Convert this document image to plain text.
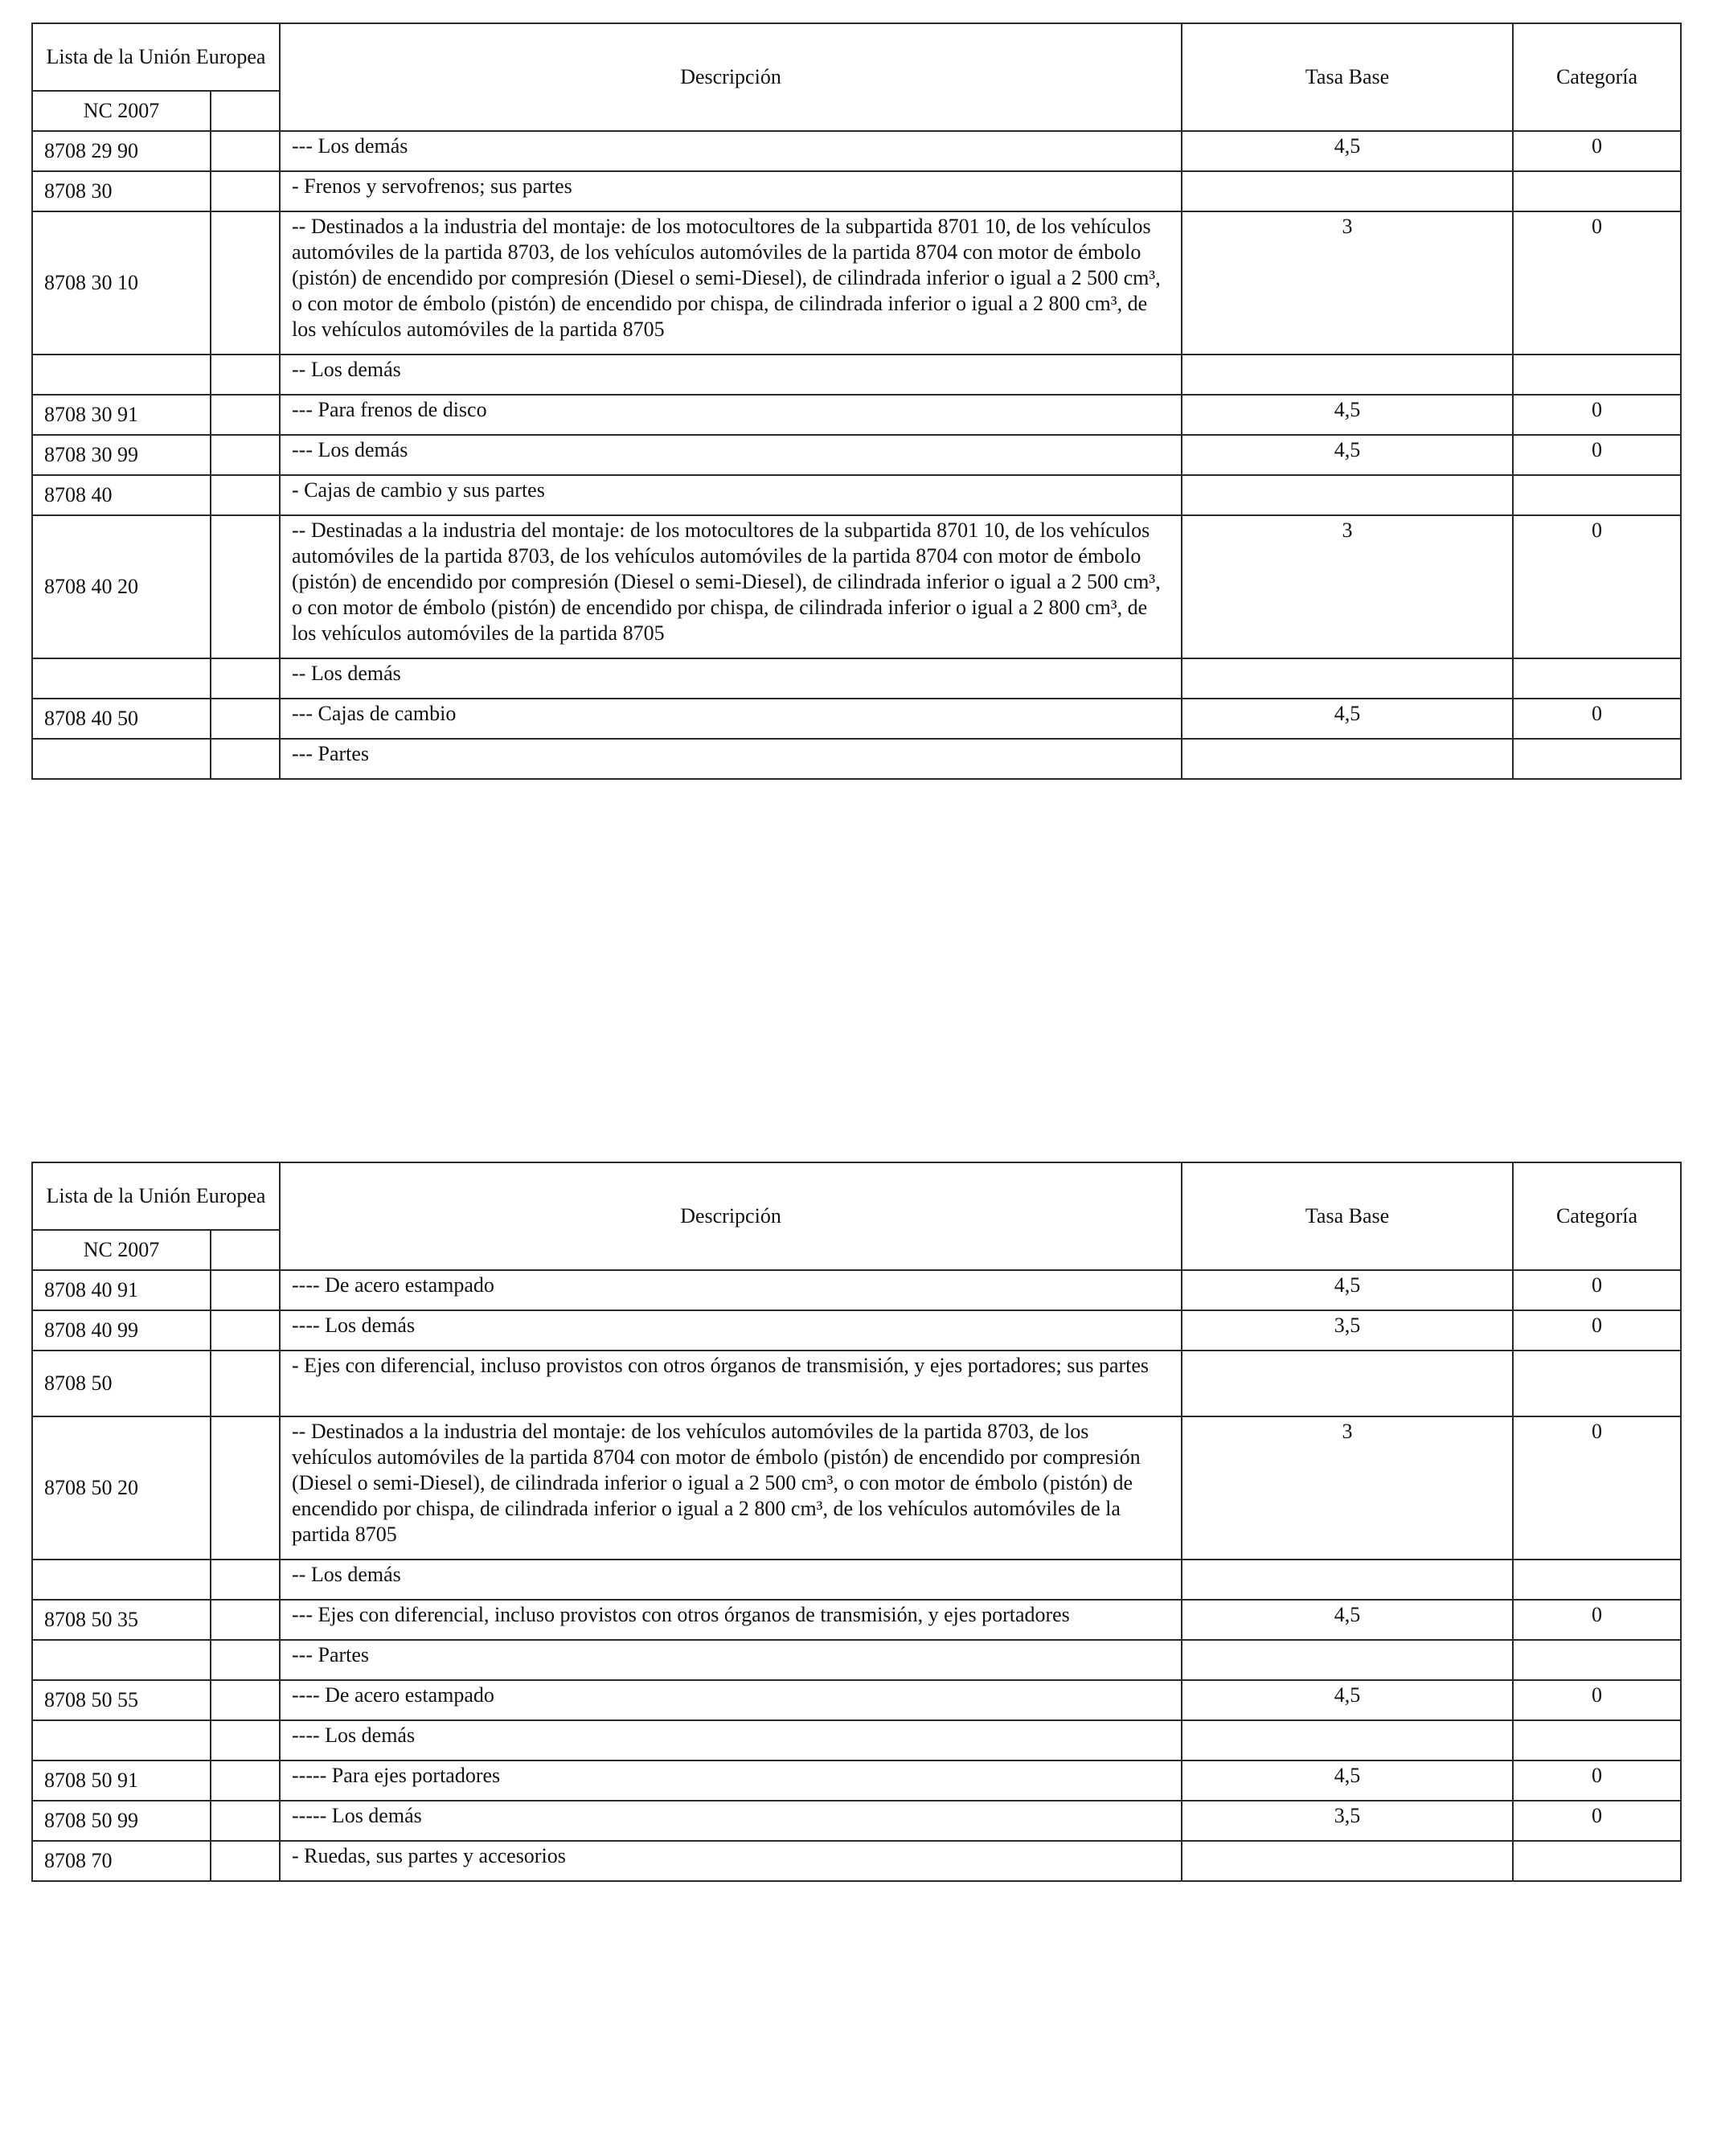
Lista de la Unión Europea		Descripción	Tasa Base	Categoría
NC 2007				
8708 29 90		--- Los demás	4,5	0
8708 30		- Frenos y servofrenos; sus partes		
8708 30 10		-- Destinados a la industria del montaje: de los motocultores de la subpartida 8701 10, de los vehículos automóviles de la partida 8703, de los vehículos automóviles de la partida 8704 con motor de émbolo (pistón) de encendido por compresión (Diesel o semi-Diesel), de cilindrada inferior o igual a 2 500 cm³, o con motor de émbolo (pistón) de encendido por chispa, de cilindrada inferior o igual a 2 800 cm³, de los vehículos automóviles de la partida 8705	3	0
		-- Los demás		
8708 30 91		--- Para frenos de disco	4,5	0
8708 30 99		--- Los demás	4,5	0
8708 40		- Cajas de cambio y sus partes		
8708 40 20		-- Destinadas a la industria del montaje: de los motocultores de la subpartida 8701 10, de los vehículos automóviles de la partida 8703, de los vehículos automóviles de la partida 8704 con motor de émbolo (pistón) de encendido por compresión (Diesel o semi-Diesel), de cilindrada inferior o igual a 2 500 cm³, o con motor de émbolo (pistón) de encendido por chispa, de cilindrada inferior o igual a 2 800 cm³, de los vehículos automóviles de la partida 8705	3	0
		-- Los demás		
8708 40 50		--- Cajas de cambio	4,5	0
		--- Partes		
Lista de la Unión Europea		Descripción	Tasa Base	Categoría
NC 2007				
8708 40 91		---- De acero estampado	4,5	0
8708 40 99		---- Los demás	3,5	0
8708 50		- Ejes con diferencial, incluso provistos con otros órganos de transmisión, y ejes portadores; sus partes		
8708 50 20		-- Destinados a la industria del montaje: de los vehículos automóviles de la partida 8703, de los vehículos automóviles de la partida 8704 con motor de émbolo (pistón) de encendido por compresión (Diesel o semi-Diesel), de cilindrada inferior o igual a 2 500 cm³, o con motor de émbolo (pistón) de encendido por chispa, de cilindrada inferior o igual a 2 800 cm³, de los vehículos automóviles de la partida 8705	3	0
		-- Los demás		
8708 50 35		--- Ejes con diferencial, incluso provistos con otros órganos de transmisión, y ejes portadores	4,5	0
		--- Partes		
8708 50 55		---- De acero estampado	4,5	0
		---- Los demás		
8708 50 91		----- Para ejes portadores	4,5	0
8708 50 99		----- Los demás	3,5	0
8708 70		- Ruedas, sus partes y accesorios		
